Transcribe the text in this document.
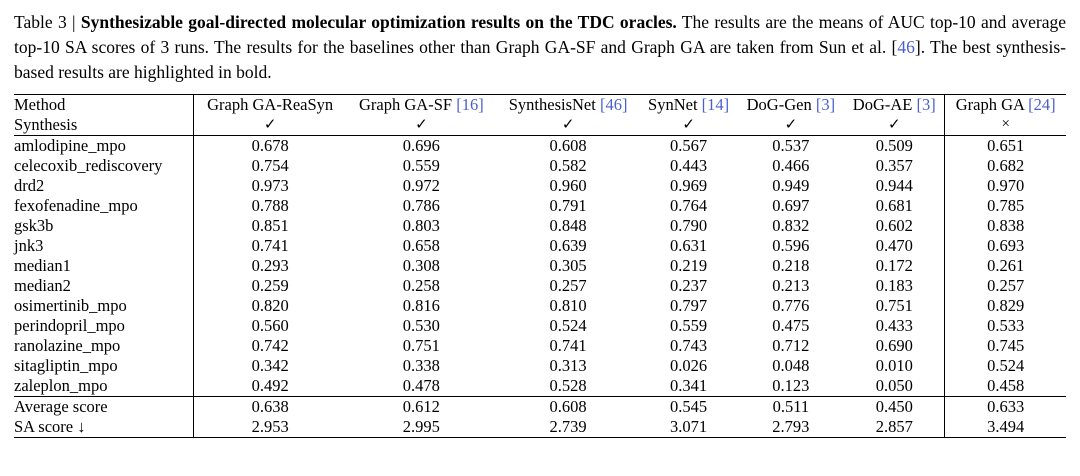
Table 3 | Synthesizable goal-directed molecular optimization results on the TDC oracles. The results are the means of AUC top-10 and average top-10 SA scores of 3 runs. The results for the baselines other than Graph GA-SF and Graph GA are taken from Sun et al. [46]. The best synthesis-based results are highlighted in bold.
Method	Graph GA-ReaSyn	Graph GA-SF [16]	SynthesisNet [46]	SynNet [14]	DoG-Gen [3]	DoG-AE [3]	Graph GA [24]
Synthesis	✓	✓	✓	✓	✓	✓	×
amlodipine_mpo	0.678	0.696	0.608	0.567	0.537	0.509	0.651
celecoxib_rediscovery	0.754	0.559	0.582	0.443	0.466	0.357	0.682
drd2	0.973	0.972	0.960	0.969	0.949	0.944	0.970
fexofenadine_mpo	0.788	0.786	0.791	0.764	0.697	0.681	0.785
gsk3b	0.851	0.803	0.848	0.790	0.832	0.602	0.838
jnk3	0.741	0.658	0.639	0.631	0.596	0.470	0.693
median1	0.293	0.308	0.305	0.219	0.218	0.172	0.261
median2	0.259	0.258	0.257	0.237	0.213	0.183	0.257
osimertinib_mpo	0.820	0.816	0.810	0.797	0.776	0.751	0.829
perindopril_mpo	0.560	0.530	0.524	0.559	0.475	0.433	0.533
ranolazine_mpo	0.742	0.751	0.741	0.743	0.712	0.690	0.745
sitagliptin_mpo	0.342	0.338	0.313	0.026	0.048	0.010	0.524
zaleplon_mpo	0.492	0.478	0.528	0.341	0.123	0.050	0.458
Average score	0.638	0.612	0.608	0.545	0.511	0.450	0.633
SA score ↓	2.953	2.995	2.739	3.071	2.793	2.857	3.494
